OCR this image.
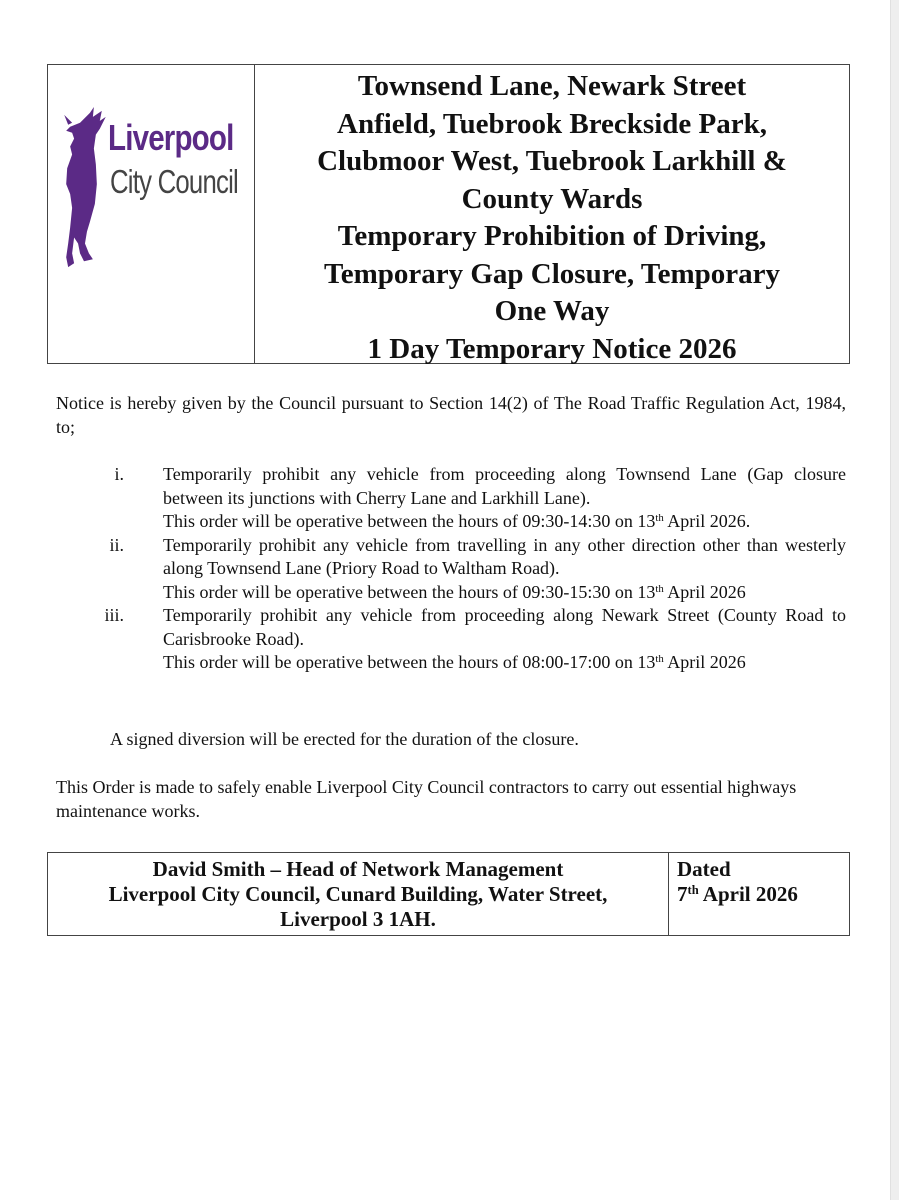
Liverpool
City Council
Townsend Lane, Newark Street
Anfield, Tuebrook Breckside Park,
Clubmoor West, Tuebrook Larkhill &
County Wards
Temporary Prohibition of Driving,
Temporary Gap Closure, Temporary
One Way
1 Day Temporary Notice 2026
Notice is hereby given by the Council pursuant to Section 14(2) of The Road Traffic Regulation Act, 1984, to;
i. Temporarily prohibit any vehicle from proceeding along Townsend Lane (Gap closure between its junctions with Cherry Lane and Larkhill Lane).

This order will be operative between the hours of 09:30-14:30 on 13th April 2026.

ii. Temporarily prohibit any vehicle from travelling in any other direction other than westerly along Townsend Lane (Priory Road to Waltham Road).

This order will be operative between the hours of 09:30-15:30 on 13th April 2026

iii. Temporarily prohibit any vehicle from proceeding along Newark Street (County Road to Carisbrooke Road).

This order will be operative between the hours of 08:00-17:00 on 13th April 2026

A signed diversion will be erected for the duration of the closure.
This Order is made to safely enable Liverpool City Council contractors to carry out essential highways maintenance works.
David Smith – Head of Network Management
Liverpool City Council, Cunard Building, Water Street,
Liverpool 3 1AH.
Dated
7th April 2026
